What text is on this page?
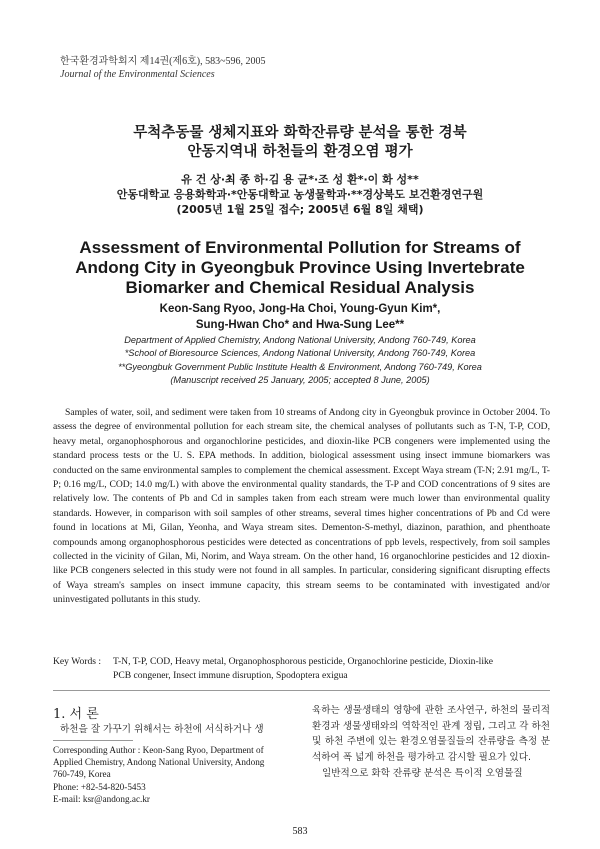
한국환경과학회지 제14권(제6호), 583~596, 2005
Journal of the Environmental Sciences
무척추동물 생체지표와 화학잔류량 분석을 통한 경북
안동지역내 하천들의 환경오염 평가
유 건 상·최 종 하·김 용 균*·조 성 환*·이 화 성**
안동대학교 응용화학과·*안동대학교 농생물학과·**경상북도 보건환경연구원
(2005년 1월 25일 접수; 2005년 6월 8일 채택)
Assessment of Environmental Pollution for Streams of
Andong City in Gyeongbuk Province Using Invertebrate
Biomarker and Chemical Residual Analysis
Keon-Sang Ryoo, Jong-Ha Choi, Young-Gyun Kim*,
Sung-Hwan Cho* and Hwa-Sung Lee**
Department of Applied Chemistry, Andong National University, Andong 760-749, Korea
*School of Bioresource Sciences, Andong National University, Andong 760-749, Korea
**Gyeongbuk Government Public Institute Health & Environment, Andong 760-749, Korea
(Manuscript received 25 January, 2005; accepted 8 June, 2005)

Samples of water, soil, and sediment were taken from 10 streams of Andong city in Gyeongbuk province in October 2004. To assess the degree of environmental pollution for each stream site, the chemical analyses of pollutants such as T-N, T-P, COD, heavy metal, organophosphorous and organochlorine pesticides, and dioxin-like PCB congeners were implemented using the standard process tests or the U. S. EPA methods. In addition, biological assessment using insect immune biomarkers was conducted on the same environmental samples to complement the chemical assessment. Except Waya stream (T-N; 2.91 mg/L, T-P; 0.16 mg/L, COD; 14.0 mg/L) with above the environmental quality standards, the T-P and COD concentrations of 9 sites are relatively low. The contents of Pb and Cd in samples taken from each stream were much lower than environmental quality standards. However, in comparison with soil samples of other streams, several times higher concentrations of Pb and Cd were found in locations at Mi, Gilan, Yeonha, and Waya stream sites. Dementon-S-methyl, diazinon, parathion, and phenthoate compounds among organophosphorous pesticides were detected as concentrations of ppb levels, respectively, from soil samples collected in the vicinity of Gilan, Mi, Norim, and Waya stream. On the other hand, 16 organochlorine pesticides and 12 dioxin-like PCB congeners selected in this study were not found in all samples. In particular, considering significant disrupting effects of Waya stream's samples on insect immune capacity, this stream seems to be contaminated with investigated and/or uninvestigated pollutants in this study.

Key Words : T-N, T-P, COD, Heavy metal, Organophosphorous pesticide, Organochlorine pesticide, Dioxin-like
PCB congener, Insect immune disruption, Spodoptera exigua
1. 서 론
하천을 잘 가꾸기 위해서는 하천에 서식하거나 생
Corresponding Author : Keon-Sang Ryoo, Department of
Applied Chemistry, Andong National University, Andong
760-749, Korea
Phone: +82-54-820-5453
E-mail: ksr@andong.ac.kr

육하는 생물생태의 영향에 관한 조사연구, 하천의 물리적 환경과 생물생태와의 역학적인 관계 정립, 그리고 각 하천 및 하천 주변에 있는 환경오염물질들의 잔류량을 측정 분석하여 폭 넓게 하천을 평가하고 감시할 필요가 있다.

일반적으로 화학 잔류량 분석은 특이적 오염물질

583
